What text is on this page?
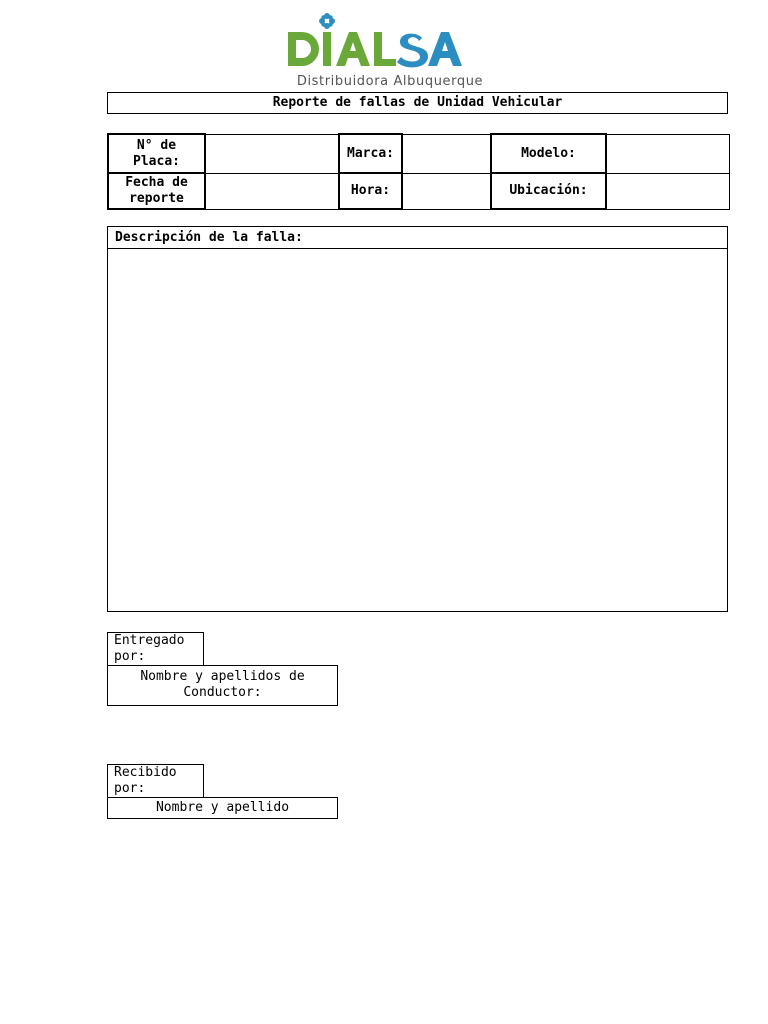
Distribuidora Albuquerque
Reporte de fallas de Unidad Vehicular
N° de Placa:		Marca:		Modelo:	
Fecha de reporte		Hora:		Ubicación:	
Descripción de la falla:
Entregado por:
Nombre y apellidos de Conductor:
Recibido por:
Nombre y apellido
